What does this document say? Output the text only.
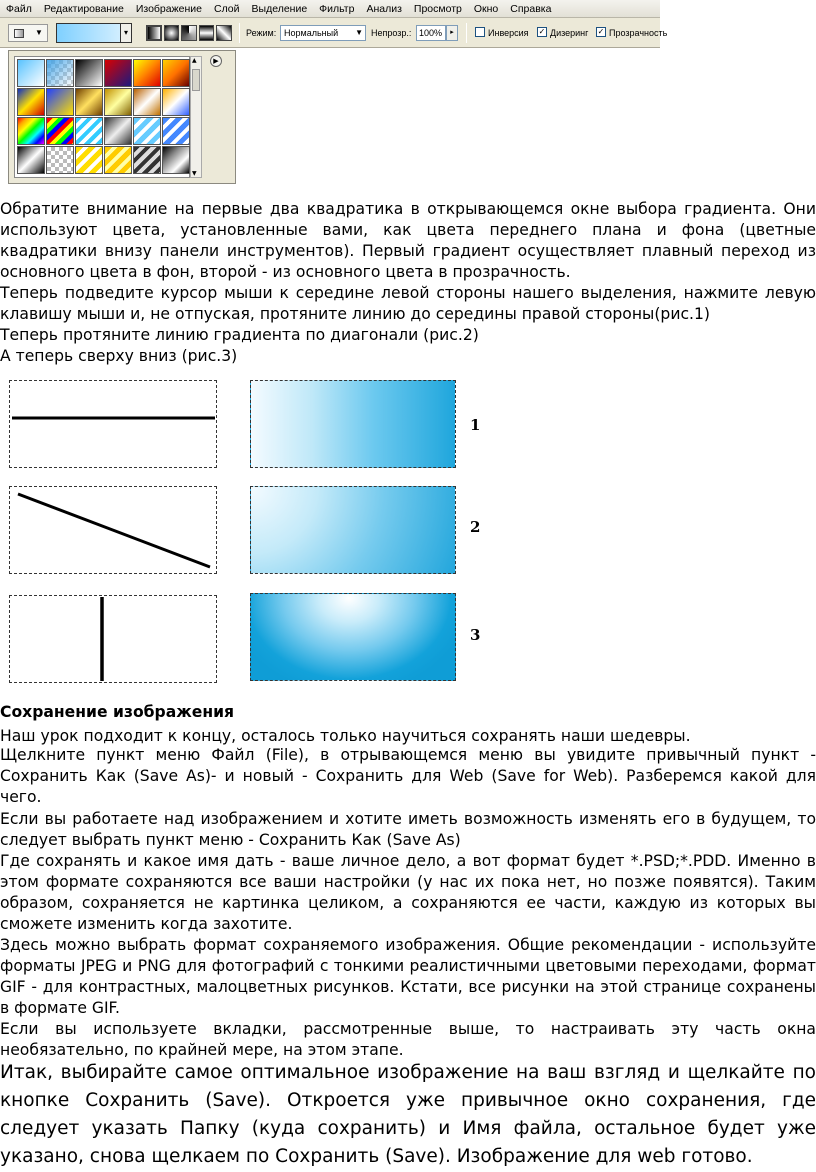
Файл Редактирование Изображение Слой Выделение Фильтр Анализ Просмотр Окно Справка
▼	▾	Режим: Нормальный ▼ Непрозр.: 100%	▸	Инверсия ✓ Дизеринг ✓ Прозрачность
▲
▼
▶
Обратите внимание на первые два квадратика в открывающемся окне выбора градиента. Они используют цвета, установленные вами, как цвета переднего плана и фона (цветные квадратики внизу панели инструментов). Первый градиент осуществляет плавный переход из основного цвета в фон, второй - из основного цвета в прозрачность.
Теперь подведите курсор мыши к середине левой стороны нашего выделения, нажмите левую клавишу мыши и, не отпуская, протяните линию до середины правой стороны(рис.1)
Теперь протяните линию градиента по диагонали (рис.2)
А теперь сверху вниз (рис.3)
1
2
3
Сохранение изображения
Наш урок подходит к концу, осталось только научиться сохранять наши шедевры.
Щелкните пункт меню Файл (File), в отрывающемся меню вы увидите привычный пункт - Сохранить Как (Save As)- и новый - Сохранить для Web (Save for Web). Разберемся какой для чего.
Если вы работаете над изображением и хотите иметь возможность изменять его в будущем, то следует выбрать пункт меню - Сохранить Как (Save As)
Где сохранять и какое имя дать - ваше личное дело, а вот формат будет *.PSD;*.PDD. Именно в этом формате сохраняются все ваши настройки (у нас их пока нет, но позже появятся). Таким образом, сохраняется не картинка целиком, а сохраняются ее части, каждую из которых вы сможете изменить когда захотите.
Здесь можно выбрать формат сохраняемого изображения. Общие рекомендации - используйте форматы JPEG и PNG для фотографий с тонкими реалистичными цветовыми переходами, формат GIF - для контрастных, малоцветных рисунков. Кстати, все рисунки на этой странице сохранены в формате GIF.
Если вы используете вкладки, рассмотренные выше, то настраивать эту часть окна необязательно, по крайней мере, на этом этапе.
Итак, выбирайте самое оптимальное изображение на ваш взгляд и щелкайте по кнопке Сохранить (Save). Откроется уже привычное окно сохранения, где следует указать Папку (куда сохранить) и Имя файла, остальное будет уже указано, снова щелкаем по Сохранить (Save). Изображение для web готово.
